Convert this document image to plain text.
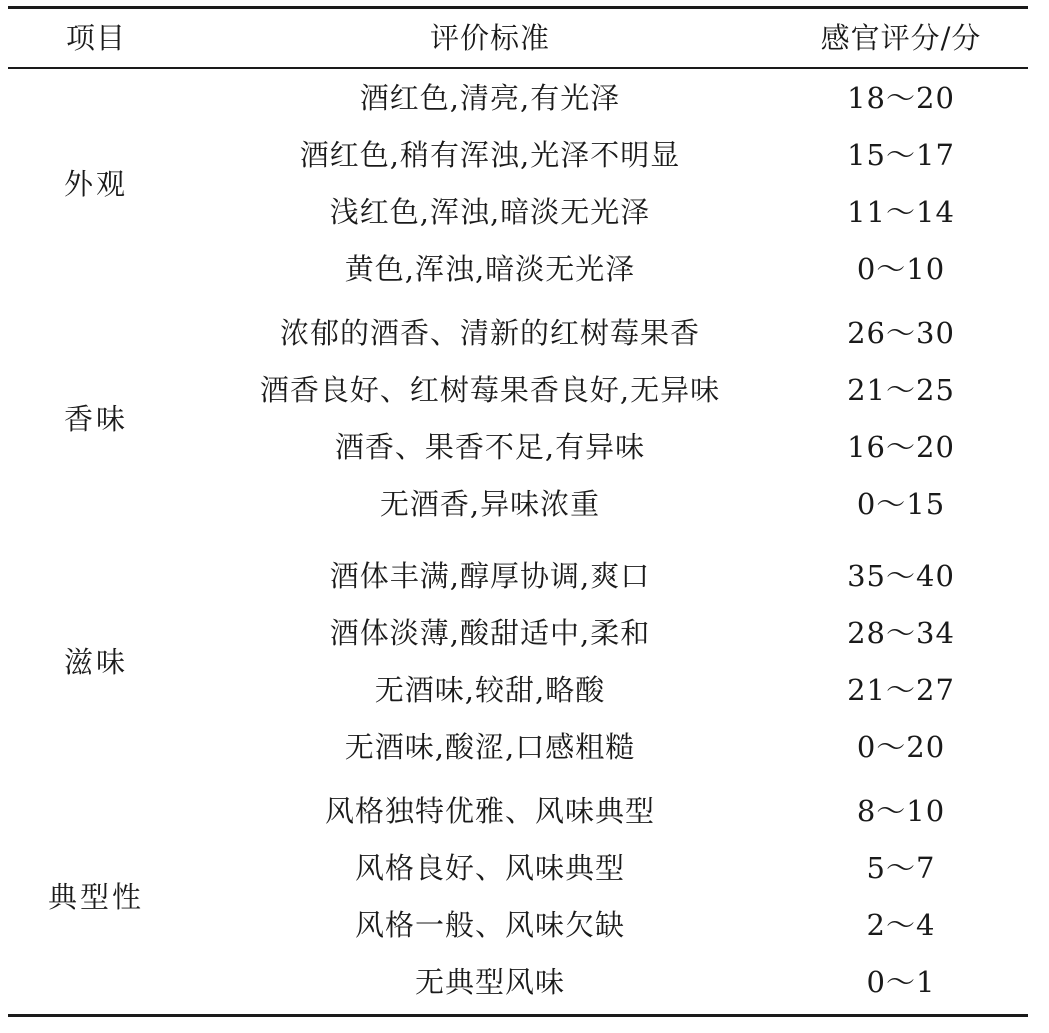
项目	评价标准	感官评分/分
外观
酒红色,清亮,有光泽	18～20
酒红色,稍有浑浊,光泽不明显	15～17
浅红色,浑浊,暗淡无光泽	11～14
黄色,浑浊,暗淡无光泽	0～10
香味
浓郁的酒香、清新的红树莓果香	26～30
酒香良好、红树莓果香良好,无异味	21～25
酒香、果香不足,有异味	16～20
无酒香,异味浓重	0～15
滋味
酒体丰满,醇厚协调,爽口	35～40
酒体淡薄,酸甜适中,柔和	28～34
无酒味,较甜,略酸	21～27
无酒味,酸涩,口感粗糙	0～20
典型性
风格独特优雅、风味典型	8～10
风格良好、风味典型	5～7
风格一般、风味欠缺	2～4
无典型风味	0～1
